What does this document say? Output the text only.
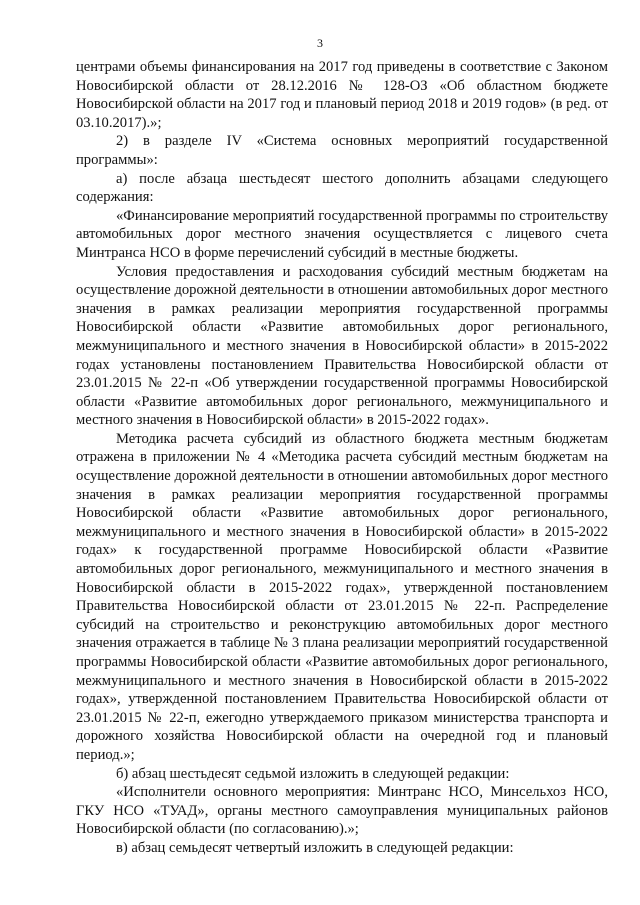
3

центрами объемы финансирования на 2017 год приведены в соответствие с Законом Новосибирской области от 28.12.2016 № 128-ОЗ «Об областном бюджете Новосибирской области на 2017 год и плановый период 2018 и 2019 годов» (в ред. от 03.10.2017).»;

2) в разделе IV «Система основных мероприятий государственной программы»:

а) после абзаца шестьдесят шестого дополнить абзацами следующего содержания:

«Финансирование мероприятий государственной программы по строительству автомобильных дорог местного значения осуществляется с лицевого счета Минтранса НСО в форме перечислений субсидий в местные бюджеты.

Условия предоставления и расходования субсидий местным бюджетам на осуществление дорожной деятельности в отношении автомобильных дорог местного значения в рамках реализации мероприятия государственной программы Новосибирской области «Развитие автомобильных дорог регионального, межмуниципального и местного значения в Новосибирской области» в 2015-2022 годах установлены постановлением Правительства Новосибирской области от 23.01.2015 № 22-п «Об утверждении государственной программы Новосибирской области «Развитие автомобильных дорог регионального, межмуниципального и местного значения в Новосибирской области» в 2015-2022 годах».

Методика расчета субсидий из областного бюджета местным бюджетам отражена в приложении № 4 «Методика расчета субсидий местным бюджетам на осуществление дорожной деятельности в отношении автомобильных дорог местного значения в рамках реализации мероприятия государственной программы Новосибирской области «Развитие автомобильных дорог регионального, межмуниципального и местного значения в Новосибирской области» в 2015-2022 годах» к государственной программе Новосибирской области «Развитие автомобильных дорог регионального, межмуниципального и местного значения в Новосибирской области в 2015-2022 годах», утвержденной постановлением Правительства Новосибирской области от 23.01.2015 № 22-п. Распределение субсидий на строительство и реконструкцию автомобильных дорог местного значения отражается в таблице № 3 плана реализации мероприятий государственной программы Новосибирской области «Развитие автомобильных дорог регионального, межмуниципального и местного значения в Новосибирской области в 2015-2022 годах», утвержденной постановлением Правительства Новосибирской области от 23.01.2015 № 22-п, ежегодно утверждаемого приказом министерства транспорта и дорожного хозяйства Новосибирской области на очередной год и плановый период.»;

б) абзац шестьдесят седьмой изложить в следующей редакции:

«Исполнители основного мероприятия: Минтранс НСО, Минсельхоз НСО, ГКУ НСО «ТУАД», органы местного самоуправления муниципальных районов Новосибирской области (по согласованию).»;

в) абзац семьдесят четвертый изложить в следующей редакции:
